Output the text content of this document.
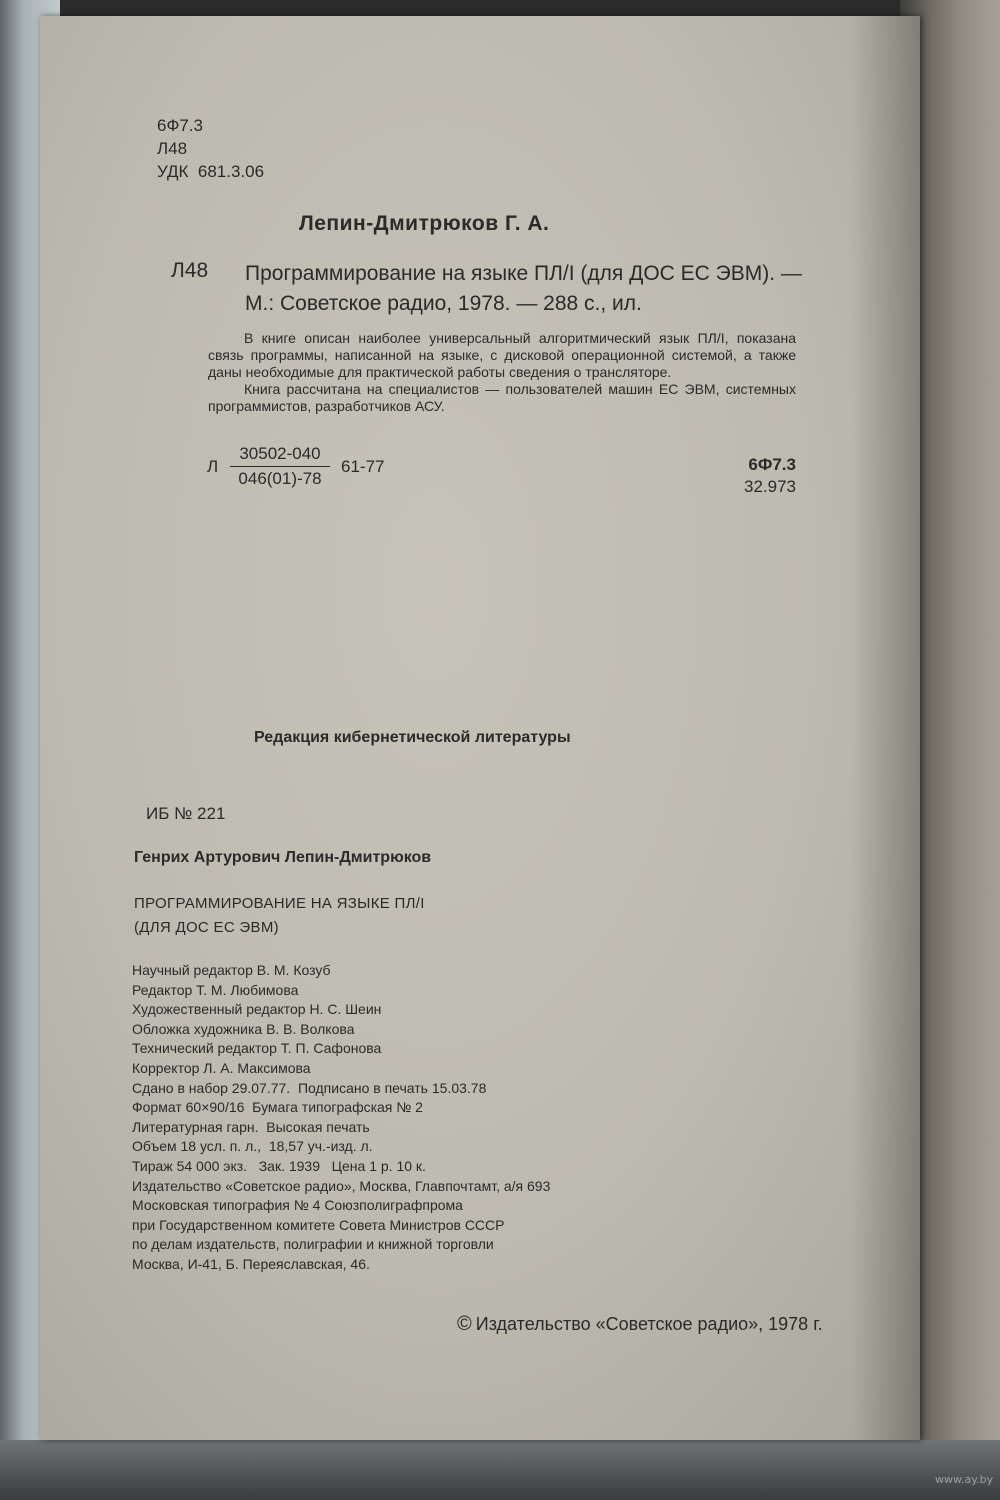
6Ф7.3
Л48
УДК  681.3.06
Лепин-Дмитрюков Г. А.
Л48 Программирование на языке ПЛ/I (для ДОС ЕС ЭВМ). — М.: Советское радио, 1978. — 288 с., ил.

В книге описан наиболее универсальный алгоритмический язык ПЛ/I, показана связь программы, написанной на языке, с дисковой операционной системой, а также даны необходимые для практической работы сведения о трансляторе.

Книга рассчитана на специалистов — пользователей машин ЕС ЭВМ, системных программистов, разработчиков АСУ.

Л $\frac{30502-040}{046(01)-78} 61-77$	6Ф7.3
32.973
Редакция кибернетической литературы
ИБ № 221
Генрих Артурович Лепин-Дмитрюков
ПРОГРАММИРОВАНИЕ НА ЯЗЫКЕ ПЛ/I
(ДЛЯ ДОС ЕС ЭВМ)
Научный редактор В. М. Козуб
Редактор Т. М. Любимова
Художественный редактор Н. С. Шеин
Обложка художника В. В. Волкова
Технический редактор Т. П. Сафонова
Корректор Л. А. Максимова
Сдано в набор 29.07.77.  Подписано в печать 15.03.78
Формат 60×90/16  Бумага типографская № 2
Литературная гарн.  Высокая печать
Объем 18 усл. п. л.,  18,57 уч.-изд. л.
Тираж 54 000 экз.   Зак. 1939   Цена 1 р. 10 к.
Издательство «Советское радио», Москва, Главпочтамт, а/я 693
Московская типография № 4 Союзполиграфпрома
при Государственном комитете Совета Министров СССР
по делам издательств, полиграфии и книжной торговли
Москва, И-41, Б. Переяславская, 46.
© Издательство «Советское радио», 1978 г.
www.ay.by
